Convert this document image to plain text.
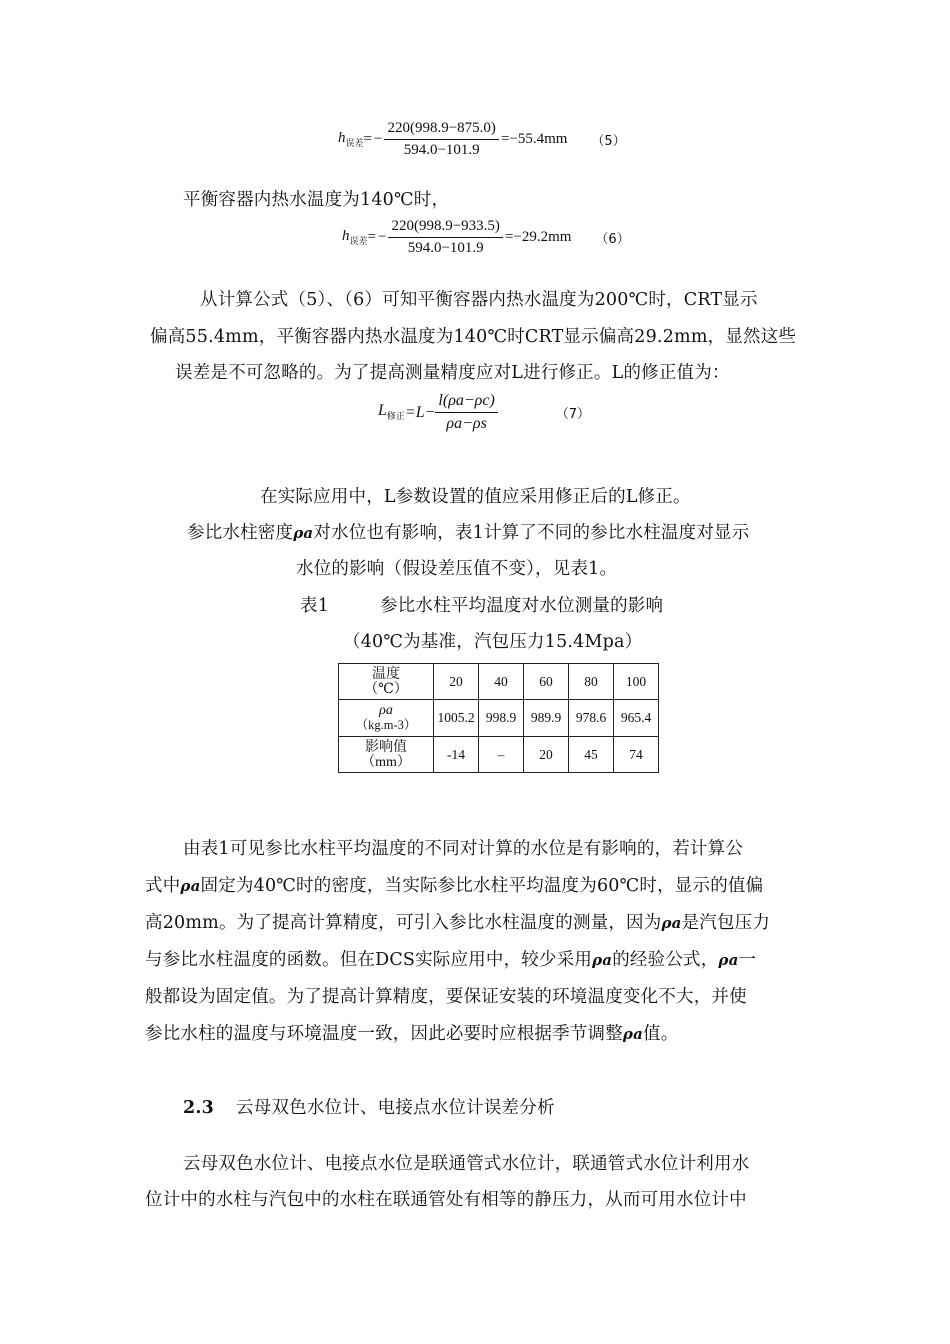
$h_{误差}$ = − $\frac{220(998.9-875.0)}{594.0-101.9} =-55.4mm$ （5）
平衡容器内热水温度为140℃时，
$h_{误差}$ = − $\frac{220(998.9-933.5)}{594.0-101.9} =-29.2mm$ （6）
从计算公式（5）、（6）可知平衡容器内热水温度为200℃时，CRT显示
偏高55.4mm，平衡容器内热水温度为140℃时CRT显示偏高29.2mm，显然这些
误差是不可忽略的。为了提高测量精度应对L进行修正。L的修正值为：
$L_{修正} =L- \frac{l(\rho a-\rho c)}{\rho a-\rho s}$	（7）
在实际应用中，L参数设置的值应采用修正后的L修正。
参比水柱密度ρa对水位也有影响，表1计算了不同的参比水柱温度对显示
水位的影响（假设差压值不变），见表1。
表1	参比水柱平均温度对水位测量的影响
（40℃为基准，汽包压力15.4Mpa）
温度
（℃）	20	40	60	80	100

ρa
（kg.m-3）	1005.2	998.9	989.9	978.6	965.4

影响值
（mm）	-14	–	20	45	74
由表1可见参比水柱平均温度的不同对计算的水位是有影响的，若计算公
式中ρa固定为40℃时的密度，当实际参比水柱平均温度为60℃时，显示的值偏
高20mm。为了提高计算精度，可引入参比水柱温度的测量，因为ρa是汽包压力
与参比水柱温度的函数。但在DCS实际应用中，较少采用ρa的经验公式，ρa一
般都设为固定值。为了提高计算精度，要保证安装的环境温度变化不大，并使
参比水柱的温度与环境温度一致，因此必要时应根据季节调整ρa值。
2.3 云母双色水位计、电接点水位计误差分析
云母双色水位计、电接点水位是联通管式水位计，联通管式水位计利用水
位计中的水柱与汽包中的水柱在联通管处有相等的静压力，从而可用水位计中
